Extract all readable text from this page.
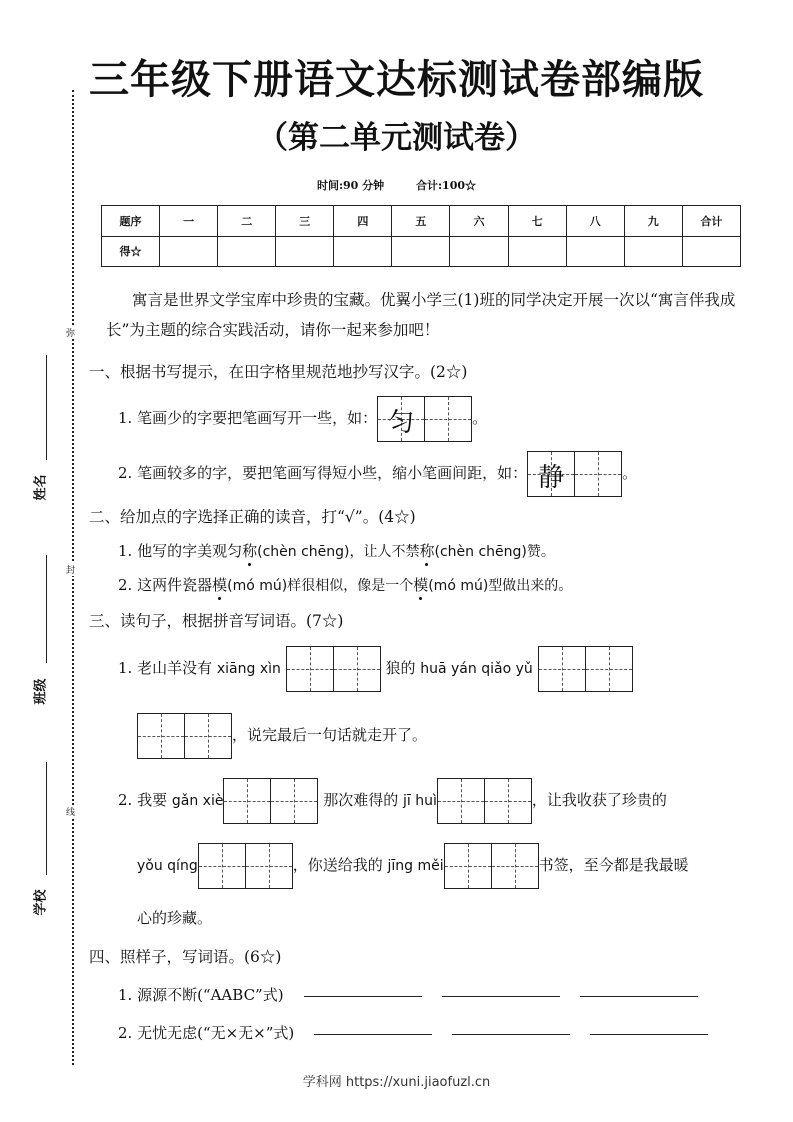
弥
封
线
姓名
班级
学校
三年级下册语文达标测试卷部编版
（第二单元测试卷）
时间:90 分钟	合计:100☆
题序	一	二	三	四	五	六	七	八	九	合计
得☆										
寓言是世界文学宝库中珍贵的宝藏。优翼小学三(1)班的同学决定开展一次以“寓言伴我成长”为主题的综合实践活动，请你一起来参加吧！
一、根据书写提示，在田字格里规范地抄写汉字。(2☆)
1. 笔画少的字要把笔画写开一些，如： 匀	。
2. 笔画较多的字，要把笔画写得短小些，缩小笔画间距，如： 静	。
二、给加点的字选择正确的读音，打“√”。(4☆)
1. 他写的字美观匀称(chèn chēng)，让人不禁称(chèn chēng)赞。
2. 这两件瓷器模(mó mú)样很相似，像是一个模(mó mú)型做出来的。
三、读句子，根据拼音写词语。(7☆)
1. 老山羊没有 xiāng xìn	狼的 huā yán qiǎo yǔ
，说完最后一句话就走开了。
2. 我要 gǎn xiè	那次难得的 jī huì	，让我收获了珍贵的
yǒu qíng	，你送给我的 jīng měi	书签，至今都是我最暖
心的珍藏。
四、照样子，写词语。(6☆)
1. 源源不断(“AABC”式)
2. 无忧无虑(“无×无×”式)
学科网 https://xuni.jiaofuzl.cn
